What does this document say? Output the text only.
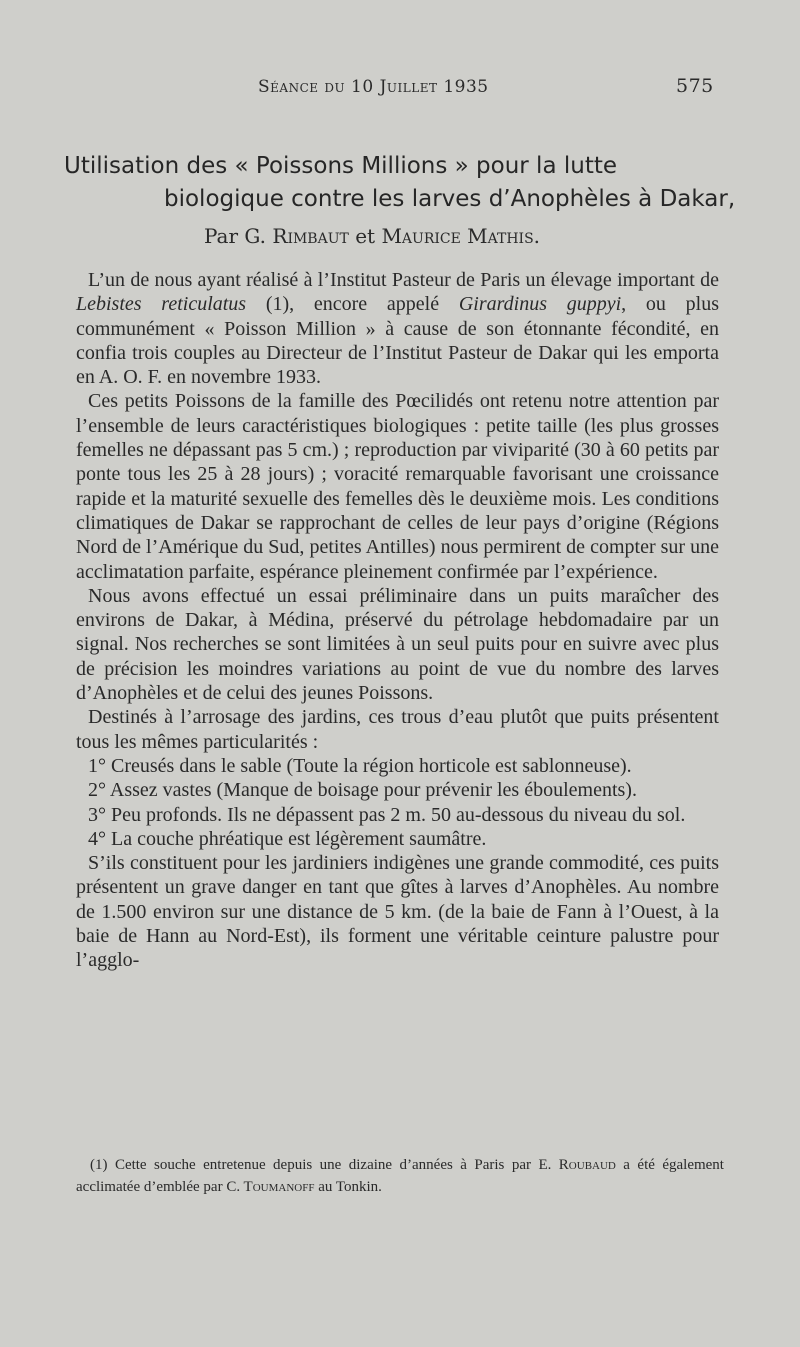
Séance du 10 Juillet 1935	575
Utilisation des « Poissons Millions » pour la lutte
biologique contre les larves d’Anophèles à Dakar,
Par G. Rimbaut et Maurice Mathis.

L’un de nous ayant réalisé à l’Institut Pasteur de Paris un élevage important de Lebistes reticulatus (1), encore appelé Girardinus guppyi, ou plus communément « Poisson Million » à cause de son étonnante fécondité, en confia trois couples au Directeur de l’Institut Pasteur de Dakar qui les emporta en A. O. F. en novembre 1933.

Ces petits Poissons de la famille des Pœcilidés ont retenu notre attention par l’ensemble de leurs caractéristiques biologiques : petite taille (les plus grosses femelles ne dépassant pas 5 cm.) ; reproduction par viviparité (30 à 60 petits par ponte tous les 25 à 28 jours) ; voracité remarquable favorisant une croissance rapide et la maturité sexuelle des femelles dès le deuxième mois. Les conditions climatiques de Dakar se rapprochant de celles de leur pays d’origine (Régions Nord de l’Amérique du Sud, petites Antilles) nous permirent de compter sur une acclimatation parfaite, espérance pleinement confirmée par l’expérience.

Nous avons effectué un essai préliminaire dans un puits maraîcher des environs de Dakar, à Médina, préservé du pétrolage hebdomadaire par un signal. Nos recherches se sont limitées à un seul puits pour en suivre avec plus de précision les moindres variations au point de vue du nombre des larves d’Anophèles et de celui des jeunes Poissons.

Destinés à l’arrosage des jardins, ces trous d’eau plutôt que puits présentent tous les mêmes particularités :

1° Creusés dans le sable (Toute la région horticole est sablonneuse).

2° Assez vastes (Manque de boisage pour prévenir les éboulements).

3° Peu profonds. Ils ne dépassent pas 2 m. 50 au-dessous du niveau du sol.

4° La couche phréatique est légèrement saumâtre.

S’ils constituent pour les jardiniers indigènes une grande commodité, ces puits présentent un grave danger en tant que gîtes à larves d’Anophèles. Au nombre de 1.500 environ sur une distance de 5 km. (de la baie de Fann à l’Ouest, à la baie de Hann au Nord-Est), ils forment une véritable ceinture palustre pour l’agglo-

(1) Cette souche entretenue depuis une dizaine d’années à Paris par E. Roubaud a été également acclimatée d’emblée par C. Toumanoff au Tonkin.
